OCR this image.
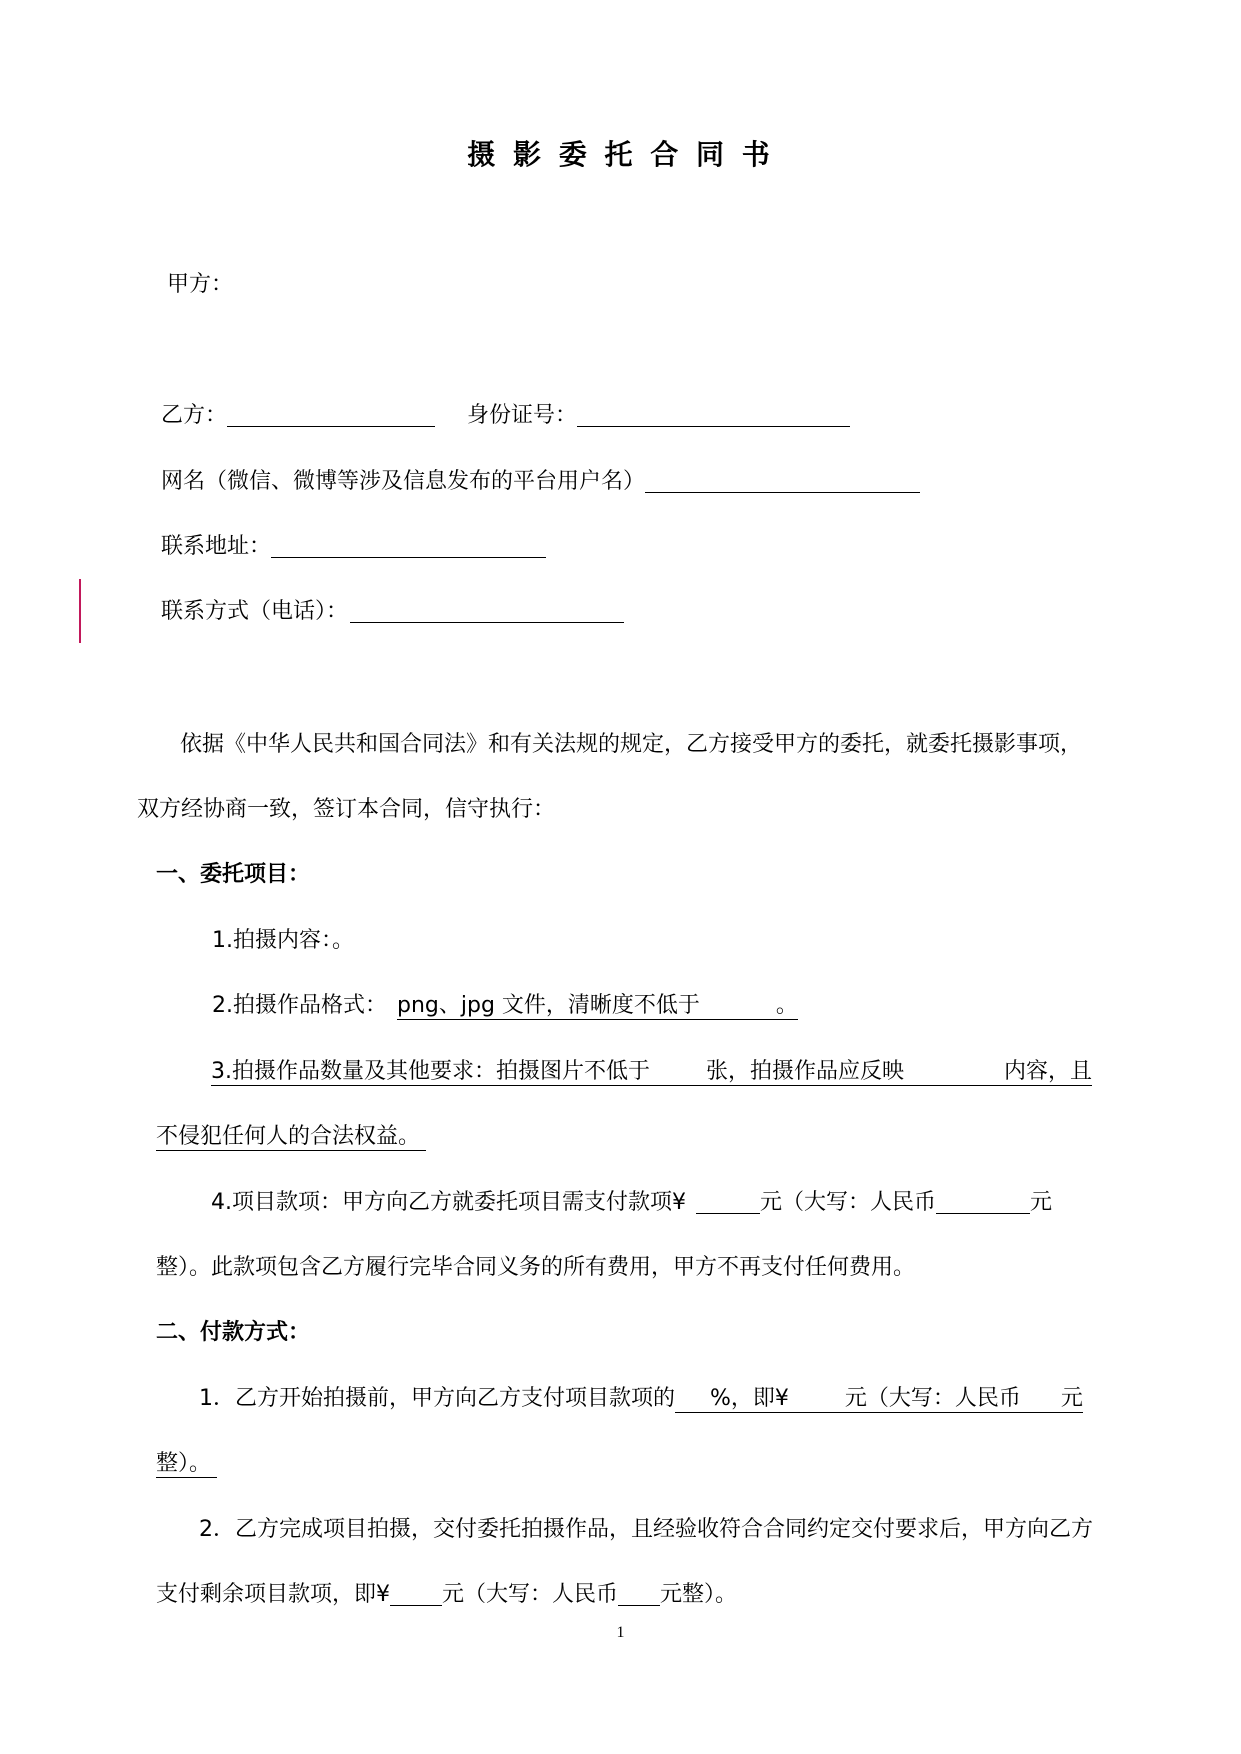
摄 影 委 托 合 同 书
甲方：
乙方：	身份证号：
网名（微信、微博等涉及信息发布的平台用户名）
联系地址：
联系方式（电话）：
依据《中华人民共和国合同法》和有关法规的规定，乙方接受甲方的委托，就委托摄影事项，
双方经协商一致，签订本合同，信守执行：
一、委托项目：
1.拍摄内容：。
2.拍摄作品格式： png、jpg 文件，清晰度不低于	。
3.拍摄作品数量及其他要求：拍摄图片不低于	张，拍摄作品应反映	内容，且
不侵犯任何人的合法权益。
4.项目款项：甲方向乙方就委托项目需支付款项¥	元（大写：人民币	元
整）。此款项包含乙方履行完毕合同义务的所有费用，甲方不再支付任何费用。
二、付款方式：
1．乙方开始拍摄前，甲方向乙方支付项目款项的 %，即¥	元（大写：人民币 元
整）。
2．乙方完成项目拍摄，交付委托拍摄作品，且经验收符合合同约定交付要求后，甲方向乙方
支付剩余项目款项，即¥ 元（大写：人民币 元整）。
1
